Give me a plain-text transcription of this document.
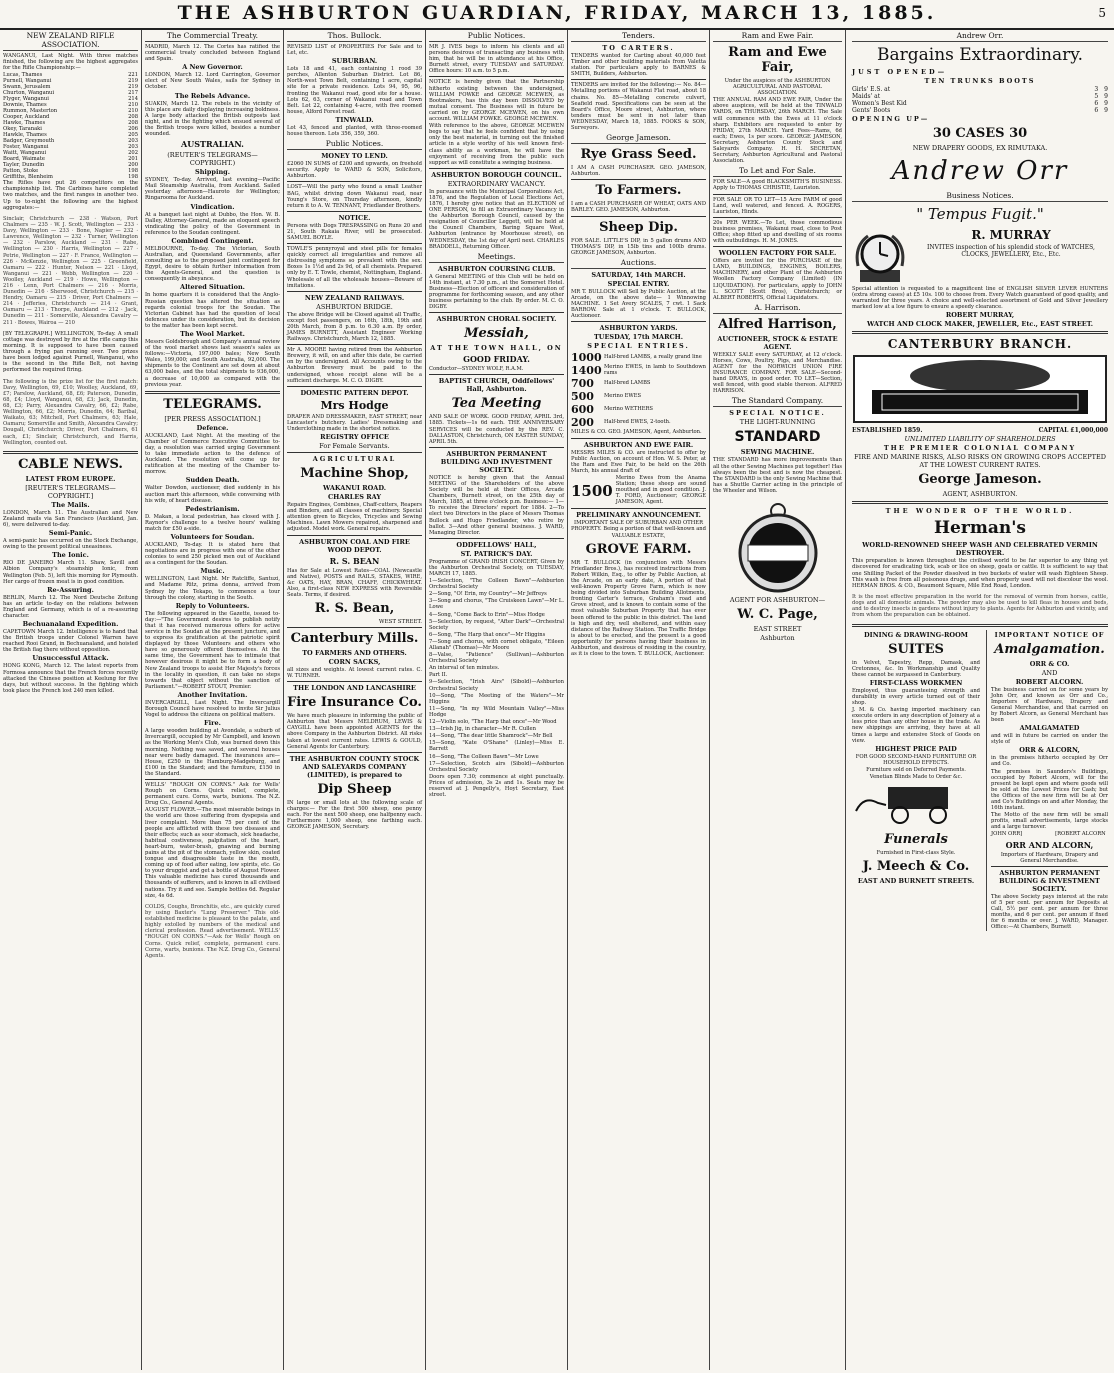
THE ASHBURTON GUARDIAN, FRIDAY, MARCH 13, 1885.	5
NEW ZEALAND RIFLE ASSOCIATION.

WANGANUI, Last Night. With three matches finished, the following are the highest aggregates for the Rifle Championship:—

Lucas, Thames	221
Purnell, Wanganui	219
Swann, Jerusalem	219
Churton, Wanganui	217
Flyger, Wanganui	214
Downie, Thames	210
Rummon, Masterton	210
Cooper, Auckland	208
Hawke, Thames	208
Okey, Taranaki	206
Hawkle, Thames	205
Badger, Greymouth	203
Foster, Wanganui	203
Waitt, Wanganui	202
Board, Waimate	201
Tayler, Dunedin	200
Patton, Stoke	198
Griffiths, Blenheim	198

The Rifles have put 26 competitors on the championship list. The Carbines have completed two matches, and the first ranges in another two. Up to to-night the following are the highest aggregates:—

Sinclair, Christchurch — 238 · Watson, Port Chalmers — 235 · W. J. Scott, Wellington — 233 · Davy, Wellington — 233 · Bone, Napier — 232 · Lawrence, Wellington — 232 · Turner, Wellington — 232 · Parslow, Auckland — 231 · Rabe, Wellington — 230 · Harris, Wellington — 227 · Petrie, Wellington — 227 · F. France, Wellington — 226 · McKenzie, Wellington — 225 · Greenfield, Oamaru — 222 · Hunter, Nelson — 221 · Lloyd, Wanganui — 221 · Webb, Wellington — 220 · Woolley, Auckland — 219 · Howe, Wellington — 216 · Lenn, Port Chalmers — 216 · Morris, Dunedin — 216 · Sherwood, Christchurch — 215 · Hendry, Oamaru — 215 · Driver, Port Chalmers — 214 · Jefferies, Christchurch — 214 · Grant, Oamaru — 213 · Thorpe, Auckland — 212 · Jack, Dunedin — 211 · Somerville, Alexandra Cavalry — 211 · Bowes, Wairoa — 210

[BY TELEGRAPH.] WELLINGTON, To-day. A small cottage was destroyed by fire at the rifle camp this morning. It is supposed to have been caused through a frying pan running over. Two prizes have been lodged against Purnell, Wanganui, who is the second in the Rifle Belt, not having performed the required firing.

The following is the prize list for the first match: Davy, Wellington, 69, £10; Woolley, Auckland, 69, £7; Parslow, Auckland, 68, £6; Paterson, Dunedin, 68, £4; Lloyd, Wanganui, 68, £3; Jack, Dunedin, 68, £3; Parry, Alexandra Cavalry, 66, £2; Rabe, Wellington, 66, £2; Morris, Dunedin, 64; Baribal, Waikato, 63; Mitchell, Port Chalmers, 63; Hale, Oamaru; Somerville and Smith, Alexandra Cavalry; Dougall, Christchurch; Driver, Port Chalmers, 61 each, £1; Sinclair, Christchurch, and Harris, Wellington, counted out.

CABLE NEWS.
LATEST FROM EUROPE.
[REUTER'S TELEGRAMS—COPYRIGHT.]
The Mails.

LONDON, March 11. The Australian and New Zealand mails via San Francisco (Auckland, Jan. 6), were delivered to-day.

Semi-Panic.

A semi-panic has occurred on the Stock Exchange, owing to the present political uneasiness.

The Ionic.

RIO DE JANEIRO March 11. Shaw, Savill and Albion Company's steamship Ionic, from Wellington (Feb. 5), left this morning for Plymouth. Her cargo of frozen meat is in good condition.

Re-Assuring.

BERLIN, March 12. The Nord Deutsche Zeitung has an article to-day on the relations between England and Germany, which is of a re-assuring character.

Bechuanaland Expedition.

CAPETOWN March 12. Intelligence is to hand that the British troops under Colonel Warren have reached Rooi Grand, in Bechuanaland, and hoisted the British flag there without opposition.

Unsuccessful Attack.

HONG KONG, March 12. The latest reports from Formosa announce that the French forces recently attacked the Chinese position at Keelung for five days, but without success. In the fighting which took place the French lost 240 men killed.

The Commercial Treaty.

MADRID, March 12. The Cortes has ratified the commercial treaty concluded between England and Spain.

A New Governor.

LONDON, March 12. Lord Carrington, Governor elect of New South Wales, sails for Sydney in October.

The Rebels Advance.

SUAKIN, March 12. The rebels in the vicinity of this place are daily displaying increasing boldness. A large body attacked the British outposts last night, and in the fighting which ensued several of the British troops were killed, besides a number wounded.

AUSTRALIAN.
(REUTER'S TELEGRAMS—COPYRIGHT.)
Shipping.

SYDNEY, To-day. Arrived, last evening—Pacific Mail Steamship Australia, from Auckland. Sailed yesterday afternoon—Hauroto for Wellington; Ringarooma for Auckland.

Vindication.

At a banquet last night at Dubbo, the Hon. W. B. Dalley, Attorney-General, made an eloquent speech vindicating the policy of the Government in reference to the Soudan contingent.

Combined Contingent.

MELBOURNE, To-day. The Victorian, South Australian, and Queensland Governments, after consulting as to the proposed joint contingent for Egypt, desire to obtain further information from the Agents-General, and the question is consequently in abeyance.

Altered Situation.

In home quarters it is considered that the Anglo-Russian question has altered the situation as regards colonial troops for the Soudan. The Victorian Cabinet has had the question of local defences under its consideration, but its decision to the matter has been kept secret.

The Wool Market.

Messrs Goldsbrough and Company's annual review of the wool market shows last season's sales as follows:—Victoria, 197,000 bales; New South Wales, 199,000; and South Australia, 92,000. The shipments to the Continent are set down at about 63,000 bales, and the total shipments to 936,000, a decrease of 10,000 as compared with the previous year.

TELEGRAMS.
[PER PRESS ASSOCIATION.]
Defence.

AUCKLAND, Last Night. At the meeting of the Chamber of Commerce Executive Committee to-day, a resolution was carried urging Government to take immediate action to the defence of Auckland. The resolution will come up for ratification at the meeting of the Chamber to-morrow.

Sudden Death.

Walter Dowdon, auctioneer, died suddenly in his auction mart this afternoon, while conversing with his wife, of heart disease.

Pedestrianism.

D. Makan, a local pedestrian, has closed with J. Raynor's challenge to a twelve hours' walking match for £50 a-side.

Volunteers for Soudan.

AUCKLAND, To-day. It is stated here that negotiations are in progress with one of the other colonies to send 250 picked men out of Auckland as a contingent for the Soudan.

Music.

WELLINGTON, Last Night. Mr Ratcliffe, Santuzi, and Madame Ritz, prima donna, arrived from Sydney by the Tekapo, to commence a tour through the colony, starting in the South.

Reply to Volunteers.

The following appeared in the Gazette, issued to-day:—"The Government desires to publish notify that it has received numerous offers for active service in the Soudan at the present juncture, and to express its gratification at the patriotic spirit displayed by those Volunteers and others who have so generously offered themselves. At the same time, the Government has to intimate that however desirous it might be to form a body of New Zealand troops to assist Her Majesty's forces in the locality in question, it can take no steps towards that object without the sanction of Parliament."—ROBERT STOUT, Premier.

Another Invitation.

INVERCARGILL, Last Night. The Invercargill Borough Council have resolved to invite Sir Julius Vogel to address the citizens on political matters.

Fire.

A large wooden building at Avondale, a suburb of Invercargill, occupied by Mr Campbell, and known as the Working Men's Club, was burned down this morning. Nothing was saved, and several houses near were badly damaged. The insurances are—House, £250 in the Hamburg-Madgeburg, and £100 in the Standard; and the furniture, £150 in the Standard.

WELLS' "ROUGH ON CORNS." Ask for Wells' Rough on Corns. Quick relief, complete, permanent cure. Corns, warts, bunions. The N.Z. Drug Co., General Agents.

AUGUST FLOWER.—The most miserable beings in the world are those suffering from dyspepsia and liver complaint. More than 75 per cent of the people are afflicted with these two diseases and their effects; such as sour stomach, sick headache, habitual costiveness, palpitation of the heart, heart-burn, water-brash, gnawing and burning pains at the pit of the stomach, yellow skin, coated tongue and disagreeable taste in the mouth, coming up of food after eating, low spirits, etc. Go to your druggist and get a bottle of August Flower. This valuable medicine has cured thousands and thousands of sufferers, and is known in all civilised nations. Try it and see. Sample bottles 6d. Regular size, 4s 6d.

COLDS, Coughs, Bronchitis, etc., are quickly cured by using Baxter's "Lung Preserver." This old-established medicine is pleasant to the palate, and highly extolled by numbers of the medical and clerical profession. Read advertisement. WELLS' "ROUGH ON CORNS."—Ask for Wells' Rough on Corns. Quick relief, complete, permanent cure. Corns, warts, bunions. The N.Z. Drug Co., General Agents.

Thos. Bullock.

REVISED LIST of PROPERTIES For Sale and to Let, etc.

SUBURBAN.

Lots 18 and 41, each containing 1 rood 39 perches, Allenton Suburban District. Lot 86, North-west Town Belt, containing 1 acre, capital site for a private residence. Lots 94, 95, 96, fronting the Wakanui road, good site for a house. Lots 62, 63, corner of Wakanui road and Town Belt. Lot 22, containing 4-acre, with five roomed house, Alford Forest road.

TINWALD.

Lot 43, fenced and planted, with three-roomed house thereon. Lots 356, 359, 360.

Public Notices.
MONEY TO LEND.

£2060 IN SUMS of £200 and upwards, on freehold security. Apply to WARD & SON, Solicitors, Ashburton.

LOST—Will the party who found a small Leather BAG, whilst driving down Wakanui road, near Young's Store, on Thursday afternoon, kindly return it to A. W. TENNANT, Friedlander Brothers.

NOTICE.

Persons with Dogs TRESPASSING on Runs 20 and 21, South Rakaia River, will be prosecuted. SAMUEL BOYLE.

TOWLE'S pennyroyal and steel pills for females quickly correct all irregularities and remove all distressing symptoms so prevalent with the sex. Boxes 1s 1½d and 2s 9d, of all chemists. Prepared only by E. T. Towle, chemist, Nottingham, England. Wholesale of all the wholesale houses—Beware of imitations.

NEW ZEALAND RAILWAYS.
ASHBURTON BRIDGE.

The above Bridge will be Closed against all Traffic, except foot passengers, on 16th, 18th, 19th and 20th March, from 8 p.m. to 6.30 a.m. By order, JAMES BURNETT, Assistant Engineer Working Railways. Christchurch, March 12, 1885.

Mr A. MOORE having retired from the Ashburton Brewery, it will, on and after this date, be carried on by the undersigned. All Accounts owing to the Ashburton Brewery must be paid to the undersigned, whose receipt alone will be a sufficient discharge. M. C. O. DIGBY.

DOMESTIC PATTERN DEPOT.
Mrs Hodge

DRAPER AND DRESSMAKER, EAST STREET, near Lancaster's butchery. Ladies' Dressmaking and Underclothing made in the shortest notice.

REGISTRY OFFICE
For Female Servants.
AGRICULTURAL
Machine Shop,
WAKANUI ROAD.
CHARLES RAY

Repairs Engines, Combines, Chaff-cutters, Reapers and Binders, and all classes of machinery. Special attention given to Bicycles, Tricycles and Sewing Machines. Lawn Mowers repaired, sharpened and adjusted. Model work. General repairs.

ASHBURTON COAL AND FIRE WOOD DEPOT.
R. S. BEAN

Has for Sale at Lowest Rates—COAL (Newcastle and Native), POSTS and RAILS, STAKES, WIRE, &c OATS, HAY, BRAN, CHAFF, CHICKWHEAT. Also, a first-class NEW EXPRESS with Reversible Seats. Terms, if desired.

R. S. Bean,
WEST STREET.
Canterbury Mills.
TO FARMERS AND OTHERS.
CORN SACKS,

all sizes and weights. At lowest current rates. C. W. TURNER.

THE LONDON AND LANCASHIRE
Fire Insurance Co.

We have much pleasure in informing the public of Ashburton that Messrs MELDRUM, LEWIS & CAYGILL have been appointed AGENTS for the above Company in the Ashburton District. All risks taken at lowest current rates. LEWIS & GOULD, General Agents for Canterbury.

THE ASHBURTON COUNTY STOCK AND SALEYARDS COMPANY (LIMITED), is prepared to
Dip Sheep

IN large or small lots at the following scale of charges:— For the first 500 sheep, one penny each. For the next 500 sheep, one halfpenny each. Furthermore 1,000 sheep, one farthing each. GEORGE JAMESON, Secretary.

Public Notices.

MR J. IVES begs to inform his clients and all persons desirous of transacting any business with him, that he will be in attendance at his Office, Burnett street, every TUESDAY and SATURDAY. Office hours: 10 a.m. to 5 p.m.

NOTICE is hereby given that the Partnership hitherto existing between the undersigned, WILLIAM FOWKE and GEORGE MCEWEN, as Bootmakers, has this day been DISSOLVED by mutual consent. The Business will in future be carried on by GEORGE MCEWEN, on his own account. WILLIAM FOWKE. GEORGE MCEWEN.

With reference to the above, GEORGE MCEWEN begs to say that he feels confident that by using only the best material, in turning out the finished article in a style worthy of his well known first-class ability as a workman, he will have the enjoyment of receiving from the public such support as will constitute a swinging business.

ASHBURTON BOROUGH COUNCIL.
EXTRAORDINARY VACANCY.

In pursuance with the Municipal Corporations Act, 1876, and the Regulation of Local Elections Act, 1876, I hereby give notice that an ELECTION of ONE PERSON, to fill an Extraordinary Vacancy in the Ashburton Borough Council, caused by the resignation of Councillor Leggett, will be held at the Council Chambers, Baring Square West, Ashburton (entrance by Moorhouse street), on WEDNESDAY, the 1st day of April next. CHARLES BRADDELL, Returning Officer.

Meetings.
ASHBURTON COURSING CLUB.

A General MEETING of this Club will be held on 14th instant, at 7.30 p.m., at the Somerset Hotel. Business—Election of officers and consideration of programme for forthcoming season, and any other business pertaining to the club. By order. M. C. O. DIGBY.

ASHBURTON CHORAL SOCIETY.
Messiah,
AT THE TOWN HALL, ON
GOOD FRIDAY.

Conductor—SYDNEY WOLF, R.A.M.

BAPTIST CHURCH, Oddfellows' Hall, Ashburton.
Tea Meeting

AND SALE OF WORK. GOOD FRIDAY, APRIL 3rd, 1885. Tickets—1s 6d each. THE ANNIVERSARY SERVICES will be conducted by the REV. C. DALLASTON, Christchurch, ON EASTER SUNDAY, APRIL 5th.

ASHBURTON PERMANENT BUILDING AND INVESTMENT SOCIETY.

NOTICE is hereby given that the Annual MEETING of the Shareholders of the above Society will be held at their Offices, Arcade Chambers, Burnett street, on the 25th day of March, 1885, at three o'clock p.m. Business:— 1—To receive the Directors' report for 1884. 2—To elect two Directors in the place of Messrs Thomas Bullock and Hugo Friedlander, who retire by ballot. 3—And other general business. J. WARD, Managing Director.

ODDFELLOWS' HALL,
ST. PATRICK'S DAY.

Programme of GRAND IRISH CONCERT, Given by the Ashburton Orchestral Society, on TUESDAY, MARCH 17, 1885.

1—Selection, "The Colleen Bawn"—Ashburton Orchestral Society

2—Song, "O! Erin, my Country"—Mr Jeffreys

3—Song and chorus, "The Cruiskeen Lawn"—Mr L. Lowe

4—Song, "Come Back to Erin"—Miss Hodge

5—Selection, by request, "After Dark"—Orchestral Society

6—Song, "The Harp that once"—Mr Higgins

7—Song and chorus, with cornet obligato, "Eileen Allanah" (Thomas)—Mr Moore

8—Valse, "Patience" (Sullivan)—Ashburton Orchestral Society

An interval of ten minutes.

Part II.

9—Selection, "Irish Airs" (Sibold)—Ashburton Orchestral Society

10—Song, "The Meeting of the Waters"—Mr Higgins

11—Song, "In my Wild Mountain Valley"—Miss Hodge

12—Violin solo, "The Harp that once"—Mr Wood

13—Irish Jig, in character—Mr R. Cullen

14—Song, "The dear little Shamrock"—Mr Bell

15—Song, "Kate O'Shane" (Linley)—Miss E. Barrett

16—Song, "The Colleen Bawn"—Mr Lowe

17—Selection, Scotch airs (Sibold)—Ashburton Orchestral Society

Doors open 7.30; commence at eight punctually. Prices of admission, 3s 2s and 1s. Seats may be reserved at J. Pengelly's, Hoyt Secretary, East street.

Tenders.
TO CARTERS.

TENDERS wanted for Carting about 40,000 feet Timber and other building materials from Valetta station. For particulars apply to BARNES & SMITH, Builders, Ashburton.

TENDERS are invited for the following:— No. 84—Metalling portions of Wakanui Flat road, about 18 chains. No. 85—Metalling concrete culvert, Seafield road. Specifications can be seen at the Board's Office, Moore street, Ashburton, where tenders must be sent in not later than WEDNESDAY, March 18, 1885. FOOKS & SON, Surveyors.

George Jameson.
Rye Grass Seed.

I AM A CASH PURCHASER. GEO. JAMESON, Ashburton.

To Farmers.

I am a CASH PURCHASER OF WHEAT, OATS AND BARLEY. GEO. JAMESON, Ashburton.

Sheep Dip.

FOR SALE. LITTLE'S DIP, in 5 gallon drums AND THOMAS'S DIP, in 15lb tins and 100lb drums. GEORGE JAMESON, Ashburton.

Auctions.
SATURDAY, 14th MARCH.
SPECIAL ENTRY.

MR T. BULLOCK will Sell by Public Auction, at the Arcade, on the above date— 1 Winnowing MACHINE. 1 Set Avery SCALES, 7 cwt. 1 Sack BARROW. Sale at 1 o'clock. T. BULLOCK, Auctioneer.

ASHBURTON YARDS.
TUESDAY, 17th MARCH.
SPECIAL ENTRIES.
1000 Half-bred LAMBS, a really grand line
1400 Merino EWES, in lamb to Southdown rams
700	Half-bred LAMBS
500	Merino EWES
600	Merino WETHERS
200	Half-bred EWES, 2-tooth.

MILES & CO. GEO. JAMESON, Agent, Ashburton.

ASHBURTON AND EWE FAIR.

MESSRS MILES & CO. are instructed to offer by Public Auction, on account of Hon. W. S. Peter, at the Ram and Ewe Fair, to be held on the 26th March, his annual draft of

1500
Merino Ewes from the Anama Station; these sheep are sound mouthed and in good condition. J. T. FORD, Auctioneer; GEORGE JAMESON, Agent.
PRELIMINARY ANNOUNCEMENT.

IMPORTANT SALE OF SUBURBAN AND OTHER PROPERTY. Being a portion of that well-known and VALUABLE ESTATE,

GROVE FARM.

MR T. BULLOCK (in conjunction with Messrs Friedlander Bros.), has received instructions from Robert Wilkin, Esq., to offer by Public Auction, at the Arcade, on an early date, A portion of that well-known Property Grove Farm, which is now being divided into Suburban Building Allotments, fronting Carter's terrace, Graham's road and Grove street, and is known to contain some of the most valuable Suburban Property that has ever been offered to the public in this district. The land is high and dry, well sheltered, and within easy distance of the Railway Station. The Traffic Bridge is about to be erected, and the present is a good opportunity for persons having their business in Ashburton, and desirous of residing in the country, as it is close to the town. T. BULLOCK, Auctioneer.

Ram and Ewe Fair.
Ram and Ewe Fair,

Under the auspices of the ASHBURTON AGRICULTURAL AND PASTORAL ASSOCIATION.

THE ANNUAL RAM AND EWE FAIR, Under the above auspices, will be held at the TINWALD YARDS, on THURSDAY, 26th MARCH. The Sale will commence with the Ewes at 11 o'clock sharp. Exhibitors are requested to enter by FRIDAY, 27th MARCH. Yard Fees—Rams, 6d each; Ewes, 1s per score. GEORGE JAMESON, Secretary, Ashburton County Stock and Saleyards Company. H. H. SECRETAN, Secretary, Ashburton Agricultural and Pastoral Association.

To Let and For Sale.

FOR SALE—A good BLACKSMITH'S BUSINESS. Apply to THOMAS CHRISTIE, Lauriston.

FOR SALE OR TO LET—15 Acre FARM of good Land, well watered, and fenced. A. ROGERS, Lauriston, Hinds.

20s PER WEEK.—To Let, those commodious business premises, Wakanui road, close to Post Office; shop fitted up and dwelling of six rooms with outbuildings. H. M. JONES.

WOOLLEN FACTORY FOR SALE.

Offers are invited for the PURCHASE of the LAND, BUILDINGS, ENGINES, BOILERS, MACHINERY, and other Plant of the Ashburton Woollen Factory Company (Limited) (IN LIQUIDATION). For particulars, apply to JOHN L. SCOTT (Scott Bros), Christchurch; or ALBERT ROBERTS, Official Liquidators.

A. Harrison.
Alfred Harrison,
AUCTIONEER, STOCK & ESTATE AGENT.

WEEKLY SALE every SATURDAY, at 12 o'clock. Horses, Cows, Poultry, Pigs, and Merchandise. AGENT for the NORWICH UNION FIRE INSURANCE COMPANY. FOR SALE—Second-hand DRAYS, in good order. TO LET—Section, well fenced, with good stable thereon. ALFRED HARRISON.

The Standard Company.
SPECIAL NOTICE.
THE LIGHT-RUNNING
STANDARD
SEWING MACHINE.

THE STANDARD has more improvements than all the other Sewing Machines put together! Has always been the best and is now the cheapest. The STANDARD is the only Sewing Machine that has a Shuttle Carrier acting in the principle of the Wheeler and Wilson.

AGENT FOR ASHBURTON—
W. C. Page,
EAST STREET
Ashburton
Andrew Orr.
Bargains Extraordinary.
JUST OPENED—
TEN TRUNKS BOOTS
Girls' E.S. at	3 9
Maids' at	5 9
Women's Best Kid	6 9
Gents' Boots	6 9
OPENING UP—
30 CASES 30
NEW DRAPERY GOODS, EX RIMUTAKA.
Andrew Orr
Business Notices.
" Tempus Fugit."
R. MURRAY

INVITES inspection of his splendid stock of WATCHES, CLOCKS, JEWELLERY, Etc., Etc.

Special attention is requested to a magnificent line of ENGLISH SILVER LEVER HUNTERS (extra strong cases) at £5 10s. 100 to choose from. Every Watch guaranteed of good quality, and warranted for three years. A choice and well-selected assortment of Gold and Silver Jewellery marked low at a low figure to ensure a speedy clearance.

ROBERT MURRAY,
WATCH AND CLOCK MAKER, JEWELLER, Etc., EAST STREET.
CANTERBURY BRANCH.
ESTABLISHED 1859.	CAPITAL £1,000,000
UNLIMITED LIABILITY OF SHAREHOLDERS
THE PREMIER COLONIAL COMPANY
FIRE AND MARINE RISKS, ALSO RISKS ON GROWING CROPS ACCEPTED AT THE LOWEST CURRENT RATES.
George Jameson.
AGENT, ASHBURTON.
THE WONDER OF THE WORLD.
Herman's
WORLD-RENOWNED SHEEP WASH AND CELEBRATED VERMIN DESTROYER.

This preparation is known throughout the civilised world to be far superior to any thing yet discovered for eradicating tick, scab or lice on sheep, goats or cattle. It is sufficient to say that one Shilling Packet of the Powder dissolved in two buckets of water will wash Eighteen Sheep. This wash is free from all poisonous drugs, and when properly used will not discolour the wool. HERMAN BROS. & CO., Beaumont Square, Mile End Road, London.

It is the most effective preparation in the world for the removal of vermin from horses, cattle, dogs and all domestic animals. The powder may also be used to kill fleas in houses and beds, and to destroy insects in gardens without injury to plants. Agents for Ashburton and vicinity, and from whom the preparation can be obtained.

DINING & DRAWING-ROOM
SUITES

in Velvet, Tapestry, Repp, Damask, and Cretonnes, &c. In Workmanship and Quality these cannot be surpassed in Canterbury.

FIRST-CLASS WORKMEN

Employed, thus guaranteeing strength and durability in every article turned out of their shop.

J. M. & Co. having imported machinery can execute orders in any description of Joinery at a less price than any other house in the trade. As new shippings are arriving, they have at all times a large and extensive Stock of Goods on view.

HIGHEST PRICE PAID

FOR GOOD SECOND-HAND FURNITURE OR HOUSEHOLD EFFECTS.

Furniture sold on Deferred Payments.

Venetian Blinds Made to Order &c.

Funerals

Furnished in First-class Style.

J. Meech & Co.
EAST AND BURNETT STREETS.
IMPORTANT NOTICE OF
Amalgamation.
ORR & CO.
AND
ROBERT ALCORN.

The business carried on for some years by John Orr, and known as Orr and Co., Importers of Hardware, Drapery and General Merchandise, and that carried on by Robert Alcorn, as General Merchant has been

AMALGAMATED

and will in future be carried on under the style of

ORR & ALCORN,

in the premises hitherto occupied by Orr and Co.

The premises in Saunders's Buildings, occupied by Robert Alcorn, will for the present be kept open and where goods will be sold at the Lowest Prices for Cash; but the Offices of the new firm will be at Orr and Co's Buildings on and after Monday, the 16th instant.

The Motto of the new firm will be small profits, small advertisements, large stocks and a large turnover.

JOHN ORR]                    [ROBERT ALCORN

ORR AND ALCORN,

Importers of Hardware, Drapery and General Merchandise.

ASHBURTON PERMANENT BUILDING & INVESTMENT SOCIETY.

The above Society pays interest at the rate of 5 per cent. per annum for Deposits at Call, 5½ per cent. per annum for three months, and 6 per cent. per annum if fixed for 6 months or over. J. WARD, Manager. Office:—At Chambers, Burnett
